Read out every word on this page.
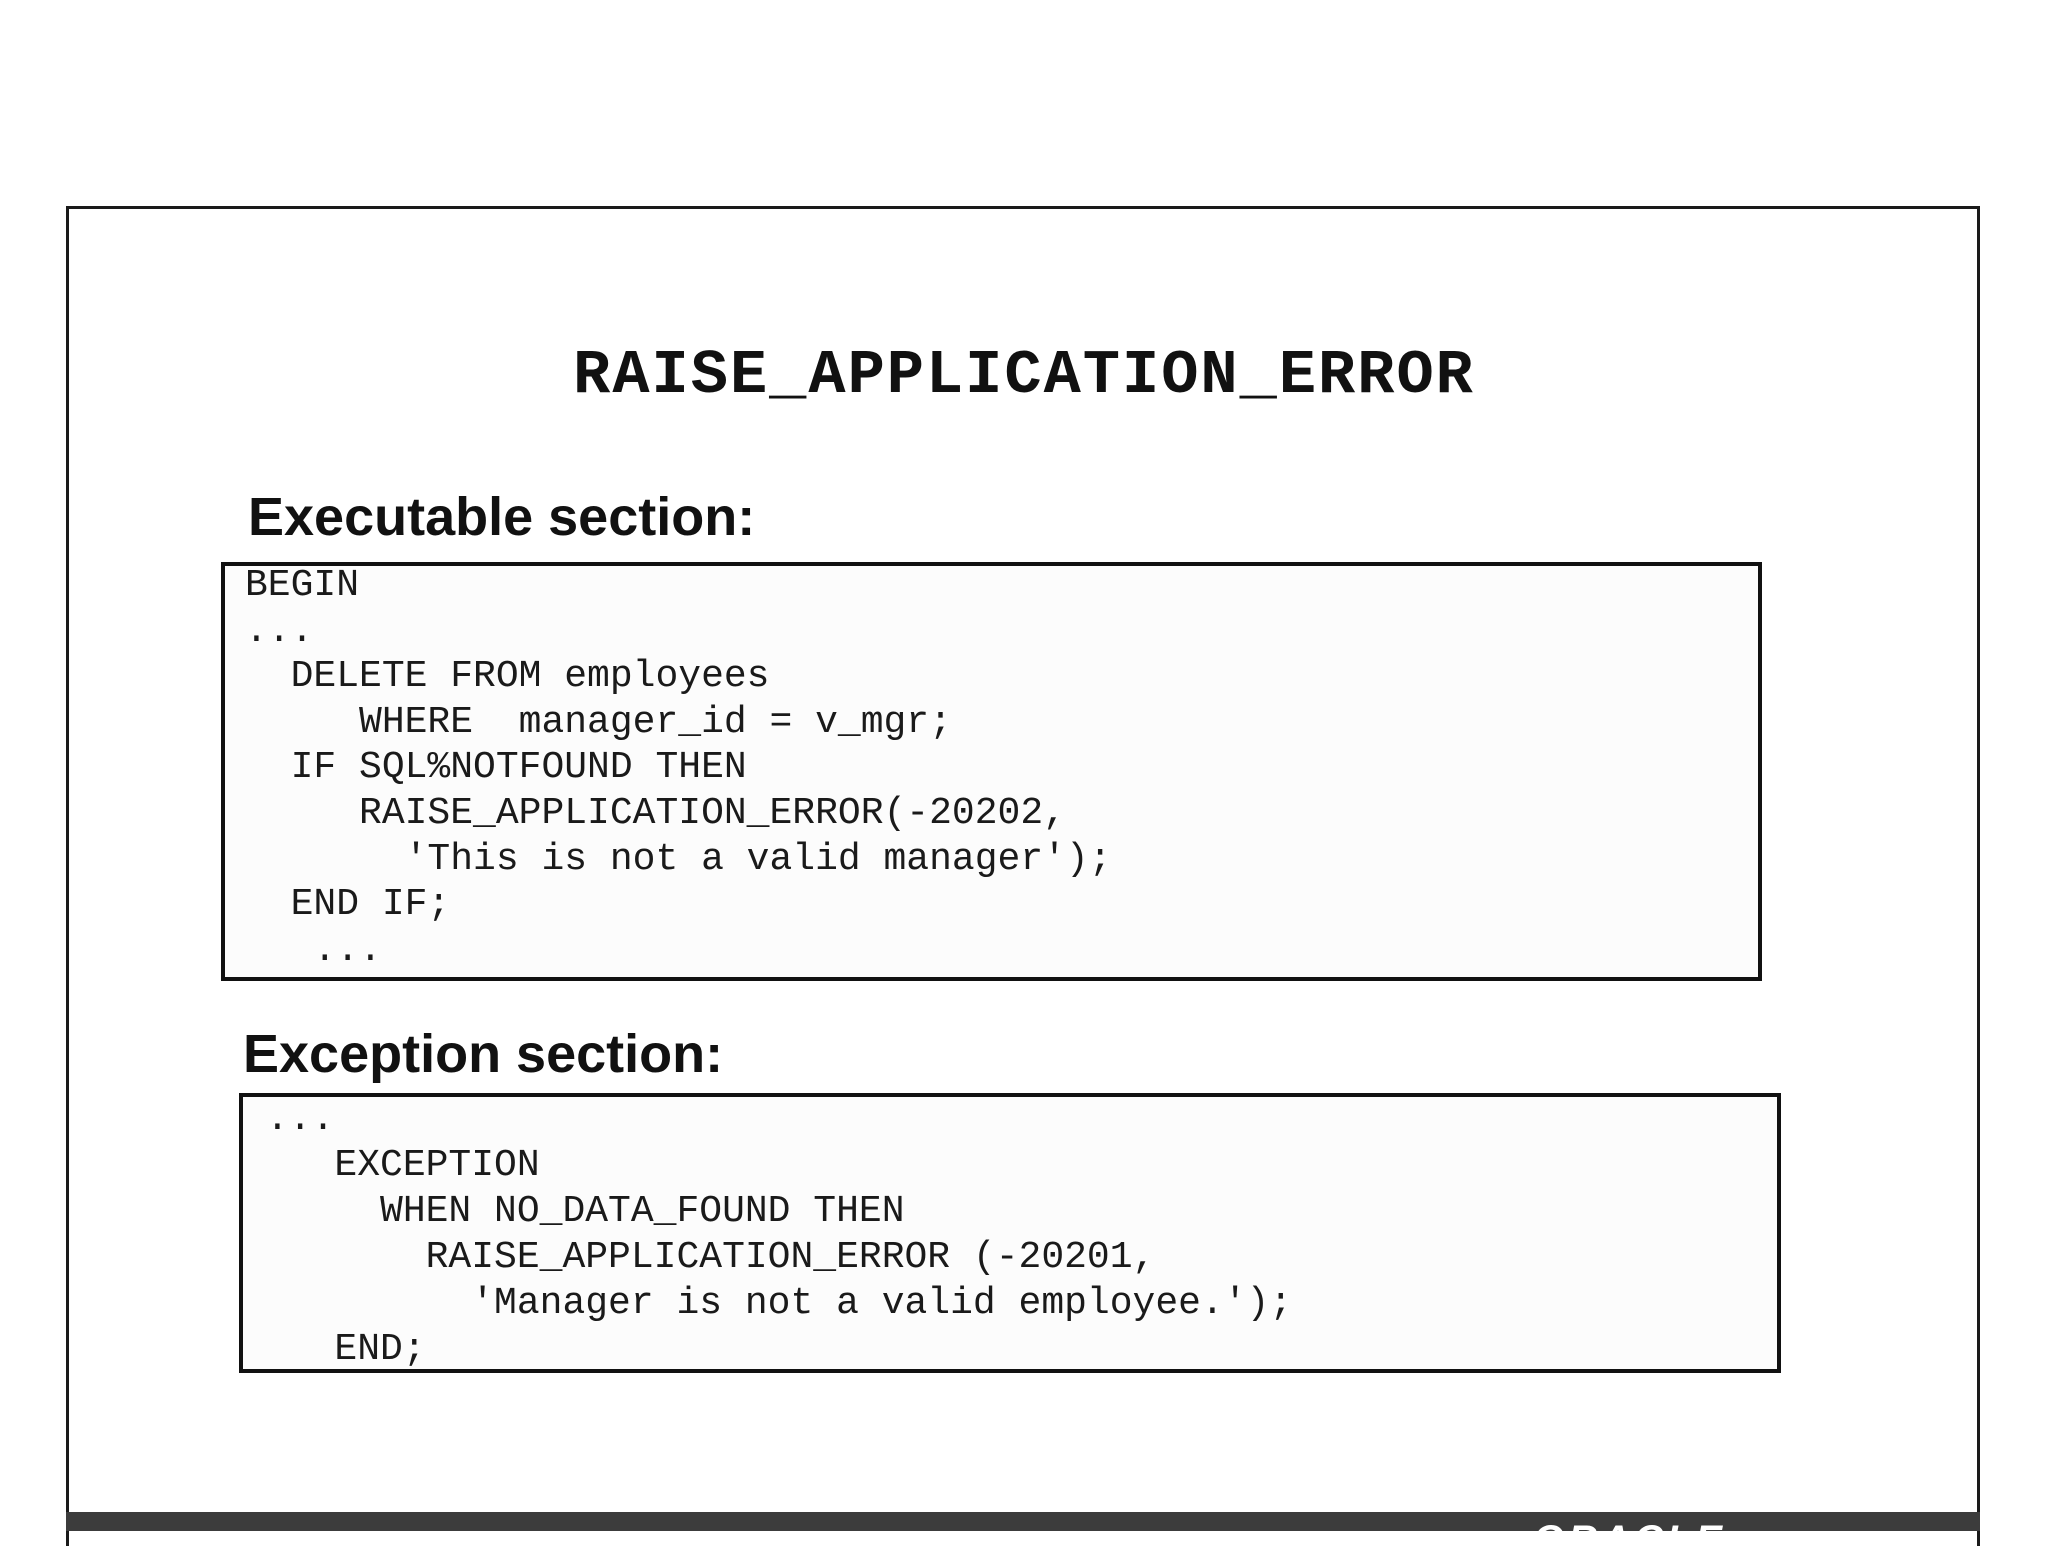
RAISE_APPLICATION_ERROR
Executable section:
BEGIN
...
DELETE FROM employees
WHERE  manager_id = v_mgr;
IF SQL%NOTFOUND THEN
RAISE_APPLICATION_ERROR(-20202,
'This is not a valid manager');
END IF;
...
Exception section:
...
EXCEPTION
WHEN NO_DATA_FOUND THEN
RAISE_APPLICATION_ERROR (-20201,
'Manager is not a valid employee.');
END;
ORACLE
